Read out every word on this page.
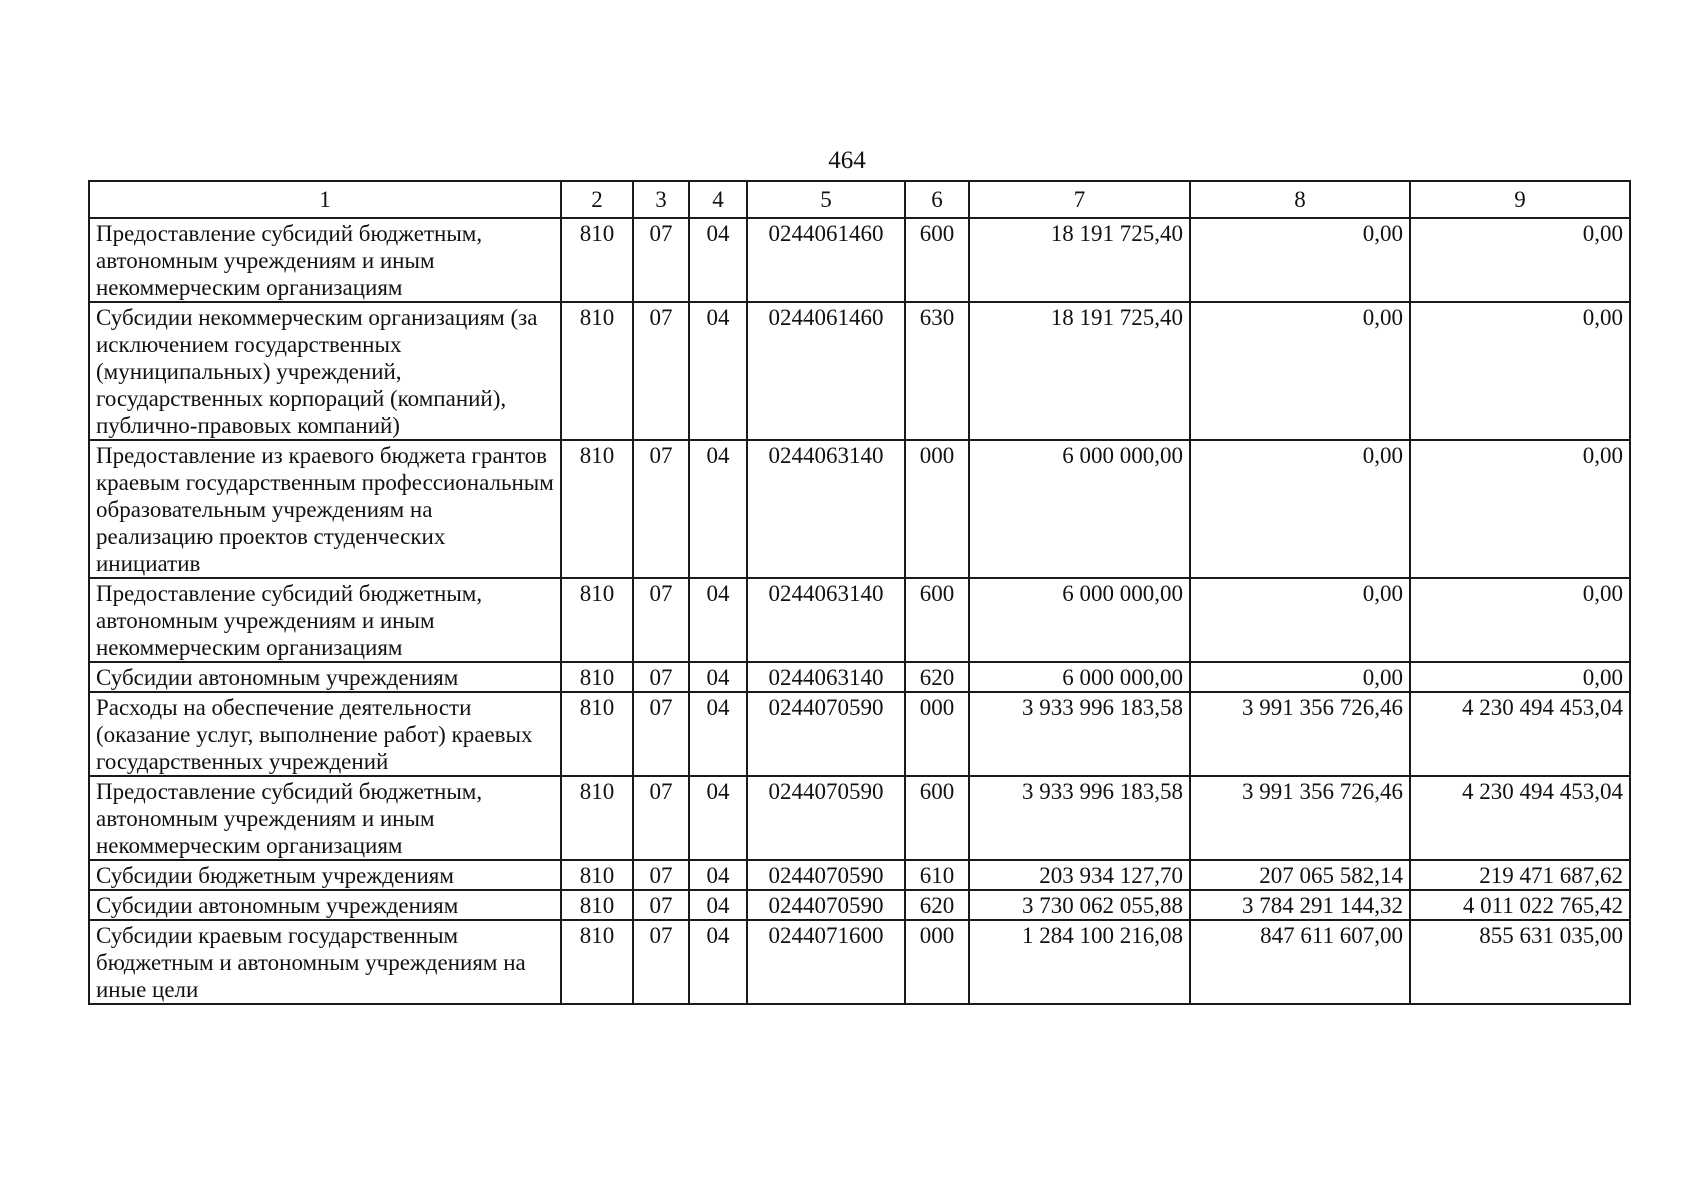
464
1	2	3	4	5	6	7	8	9
Предоставление субсидий бюджетным, автономным учреждениям и иным некоммерческим организациям	810	07	04	0244061460	600	18 191 725,40	0,00	0,00
Субсидии некоммерческим организациям (за исключением государственных (муниципальных) учреждений, государственных корпораций (компаний), публично-правовых компаний)	810	07	04	0244061460	630	18 191 725,40	0,00	0,00
Предоставление из краевого бюджета грантов краевым государственным профессиональным образовательным учреждениям на реализацию проектов студенческих инициатив	810	07	04	0244063140	000	6 000 000,00	0,00	0,00
Предоставление субсидий бюджетным, автономным учреждениям и иным некоммерческим организациям	810	07	04	0244063140	600	6 000 000,00	0,00	0,00
Субсидии автономным учреждениям	810	07	04	0244063140	620	6 000 000,00	0,00	0,00
Расходы на обеспечение деятельности (оказание услуг, выполнение работ) краевых государственных учреждений	810	07	04	0244070590	000	3 933 996 183,58	3 991 356 726,46	4 230 494 453,04
Предоставление субсидий бюджетным, автономным учреждениям и иным некоммерческим организациям	810	07	04	0244070590	600	3 933 996 183,58	3 991 356 726,46	4 230 494 453,04
Субсидии бюджетным учреждениям	810	07	04	0244070590	610	203 934 127,70	207 065 582,14	219 471 687,62
Субсидии автономным учреждениям	810	07	04	0244070590	620	3 730 062 055,88	3 784 291 144,32	4 011 022 765,42
Субсидии краевым государственным бюджетным и автономным учреждениям на иные цели	810	07	04	0244071600	000	1 284 100 216,08	847 611 607,00	855 631 035,00
